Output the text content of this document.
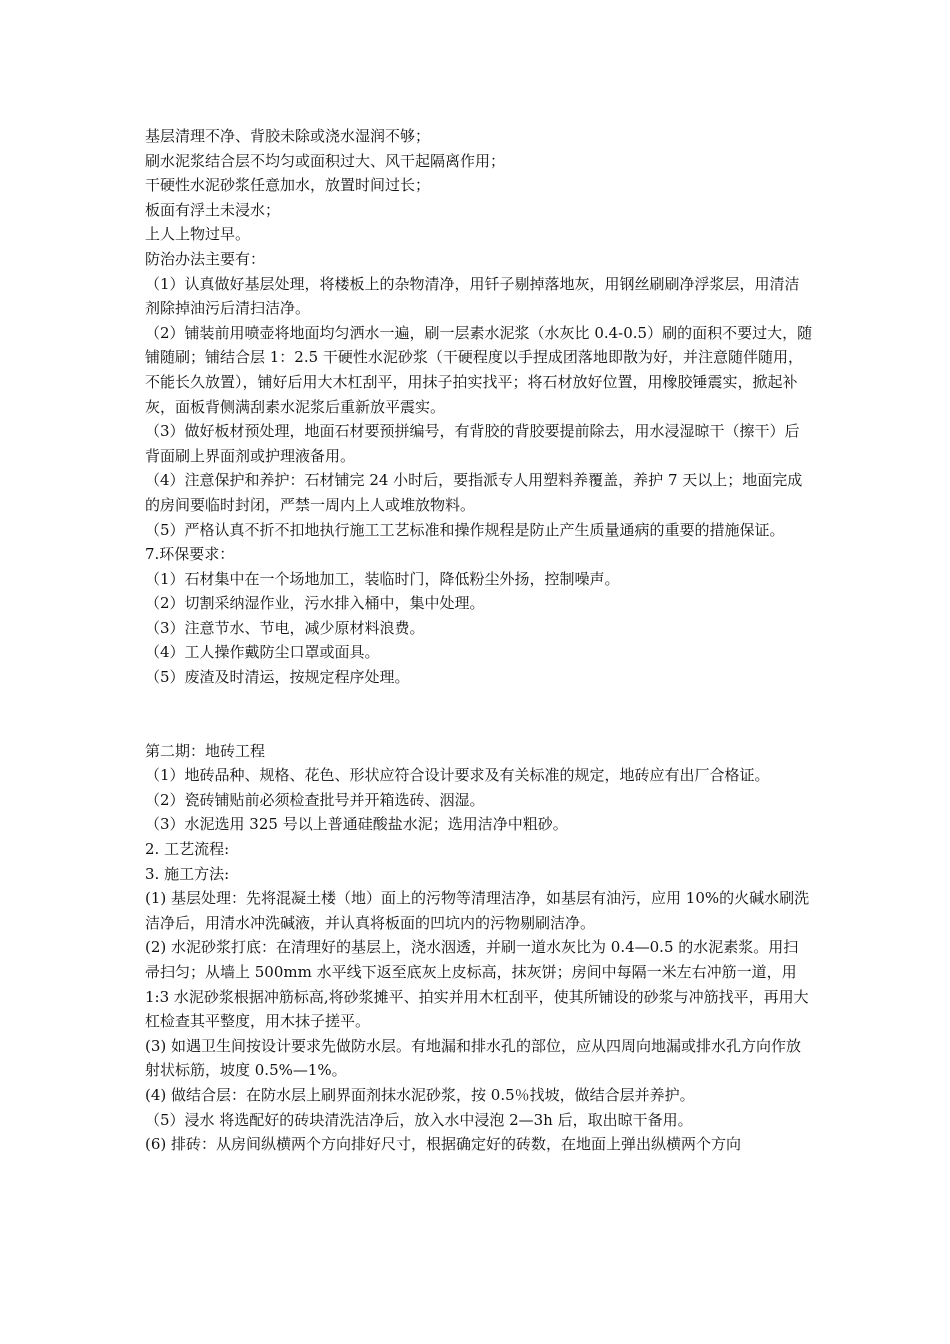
基层清理不净、背胶未除或浇水湿润不够；

刷水泥浆结合层不均匀或面积过大、风干起隔离作用；

干硬性水泥砂浆任意加水，放置时间过长；

板面有浮土未浸水；

上人上物过早。

防治办法主要有：

（1）认真做好基层处理，将楼板上的杂物清净，用钎子剔掉落地灰，用钢丝刷刷净浮浆层，用清洁剂除掉油污后清扫洁净。

（2）铺装前用喷壶将地面均匀洒水一遍，刷一层素水泥浆（水灰比 0.4-0.5）刷的面积不要过大，随铺随刷；铺结合层 1：2.5 干硬性水泥砂浆（干硬程度以手捏成团落地即散为好，并注意随伴随用，不能长久放置），铺好后用大木杠刮平，用抹子拍实找平；将石材放好位置，用橡胶锤震实，掀起补灰，面板背侧满刮素水泥浆后重新放平震实。

（3）做好板材预处理，地面石材要预拼编号，有背胶的背胶要提前除去，用水浸湿晾干（擦干）后背面刷上界面剂或护理液备用。

（4）注意保护和养护：石材铺完 24 小时后，要指派专人用塑料养覆盖，养护 7 天以上；地面完成的房间要临时封闭，严禁一周内上人或堆放物料。

（5）严格认真不折不扣地执行施工工艺标准和操作规程是防止产生质量通病的重要的措施保证。

7.环保要求：

（1）石材集中在一个场地加工，装临时门，降低粉尘外扬，控制噪声。

（2）切割采纳湿作业，污水排入桶中，集中处理。

（3）注意节水、节电，减少原材料浪费。

（4）工人操作戴防尘口罩或面具。

（5）废渣及时清运，按规定程序处理。

第二期：地砖工程

（1）地砖品种、规格、花色、形状应符合设计要求及有关标准的规定，地砖应有出厂合格证。

（2）瓷砖铺贴前必须检查批号并开箱选砖、洇湿。

（3）水泥选用 325 号以上普通硅酸盐水泥；选用洁净中粗砂。

2. 工艺流程:

3. 施工方法:

(1) 基层处理：先将混凝土楼（地）面上的污物等清理洁净，如基层有油污，应用 10%的火碱水刷洗洁净后，用清水冲洗碱液，并认真将板面的凹坑内的污物剔刷洁净。

(2) 水泥砂浆打底：在清理好的基层上，浇水洇透，并刷一道水灰比为 0.4—0.5 的水泥素浆。用扫帚扫匀；从墙上 500mm 水平线下返至底灰上皮标高，抹灰饼；房间中每隔一米左右冲筋一道，用 1:3 水泥砂浆根据冲筋标高,将砂浆摊平、拍实并用木杠刮平，使其所铺设的砂浆与冲筋找平，再用大杠检查其平整度，用木抹子搓平。

(3) 如遇卫生间按设计要求先做防水层。有地漏和排水孔的部位，应从四周向地漏或排水孔方向作放射状标筋，坡度 0.5%—1%。

(4) 做结合层：在防水层上刷界面剂抹水泥砂浆，按 0.5％找坡，做结合层并养护。

（5）浸水 将选配好的砖块清洗洁净后，放入水中浸泡 2—3h 后，取出晾干备用。

(6) 排砖：从房间纵横两个方向排好尺寸，根据确定好的砖数，在地面上弹出纵横两个方向
